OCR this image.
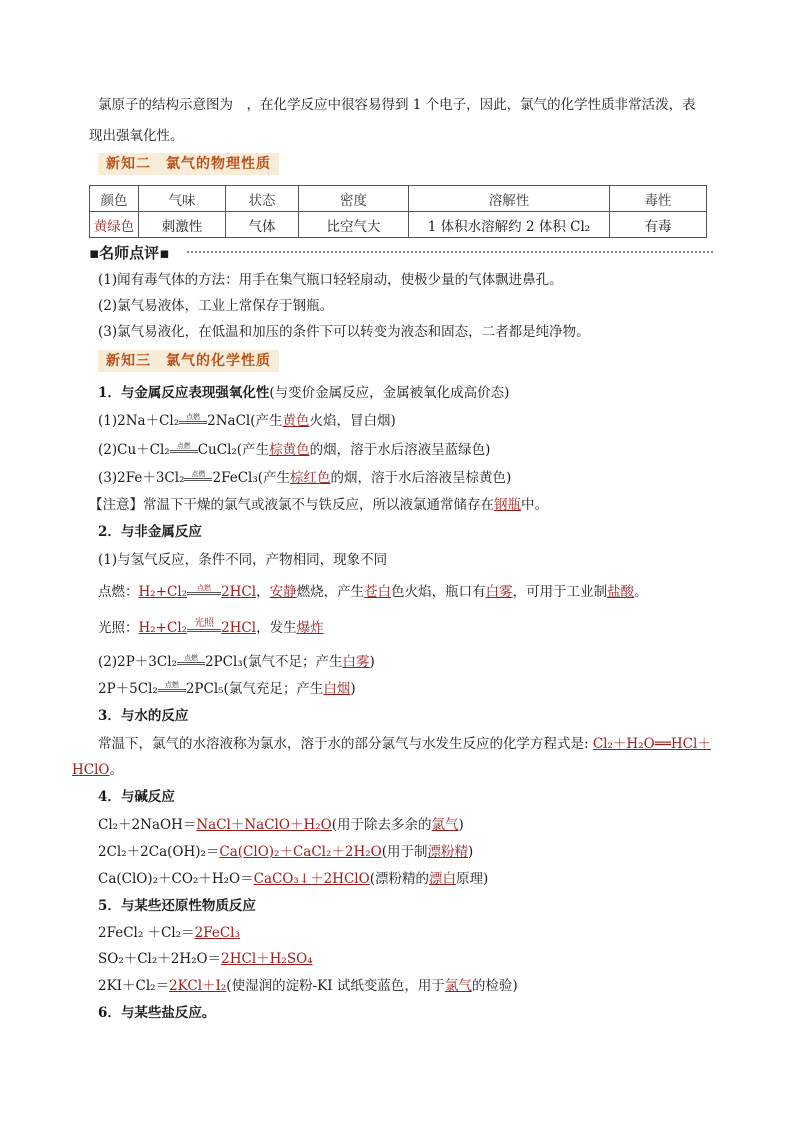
氯原子的结构示意图为　，在化学反应中很容易得到 1 个电子，因此，氯气的化学性质非常活泼，表
现出强氧化性。
新知二　氯气的物理性质
颜色	气味	状态	密度	溶解性	毒性
黄绿色	刺激性	气体	比空气大	1 体积水溶解约 2 体积 Cl₂	有毒
▪名师点评▪
(1)闻有毒气体的方法：用手在集气瓶口轻轻扇动，使极少量的气体飘进鼻孔。
(2)氯气易液体，工业上常保存于钢瓶。
(3)氯气易液化，在低温和加压的条件下可以转变为液态和固态，二者都是纯净物。
新知三　氯气的化学性质
1．与金属反应表现强氧化性(与变价金属反应，金属被氧化成高价态)
(1)2Na＋Cl₂	点燃 2NaCl(产生黄色火焰，冒白烟)
(2)Cu＋Cl₂	点燃 CuCl₂(产生棕黄色的烟，溶于水后溶液呈蓝绿色)
(3)2Fe＋3Cl₂	点燃 2FeCl₃(产生棕红色的烟，溶于水后溶液呈棕黄色)
【注意】常温下干燥的氯气或液氯不与铁反应，所以液氯通常储存在钢瓶中。
2．与非金属反应
(1)与氢气反应，条件不同，产物相同，现象不同
点燃：H₂+Cl₂	点燃 2HCl，安静燃烧，产生苍白色火焰，瓶口有白雾，可用于工业制盐酸。
光照：H₂+Cl₂ 光照 2HCl，发生爆炸
(2)2P＋3Cl₂	点燃 2PCl₃(氯气不足；产生白雾)
2P＋5Cl₂	点燃 2PCl₅(氯气充足；产生白烟)
3．与水的反应
常温下，氯气的水溶液称为氯水，溶于水的部分氯气与水发生反应的化学方程式是: Cl₂＋H₂O══HCl＋
HClO。
4．与碱反应
Cl₂＋2NaOH＝NaCl＋NaClO＋H₂O(用于除去多余的氯气)
2Cl₂＋2Ca(OH)₂＝Ca(ClO)₂＋CaCl₂＋2H₂O(用于制漂粉精)
Ca(ClO)₂＋CO₂＋H₂O＝CaCO₃↓＋2HClO(漂粉精的漂白原理)
5．与某些还原性物质反应
2FeCl₂ ＋Cl₂＝2FeCl₃
SO₂＋Cl₂＋2H₂O＝2HCl＋H₂SO₄
2KI＋Cl₂＝2KCl＋I₂(使湿润的淀粉-KI 试纸变蓝色，用于氯气的检验)
6．与某些盐反应。
